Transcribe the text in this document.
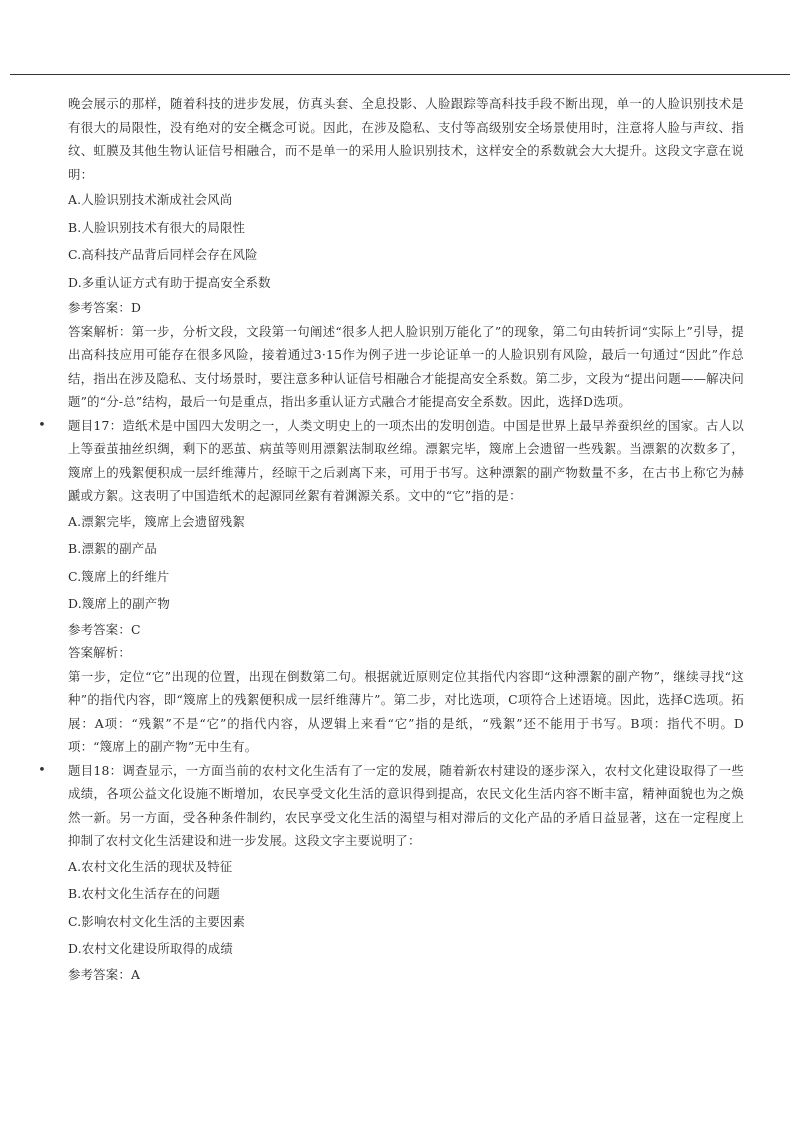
晚会展示的那样，随着科技的进步发展，仿真头套、全息投影、人脸跟踪等高科技手段不断出现，单一的人脸识别技术是有很大的局限性，没有绝对的安全概念可说。因此，在涉及隐私、支付等高级别安全场景使用时，注意将人脸与声纹、指纹、虹膜及其他生物认证信号相融合，而不是单一的采用人脸识别技术，这样安全的系数就会大大提升。这段文字意在说明：

A.人脸识别技术渐成社会风尚

B.人脸识别技术有很大的局限性

C.高科技产品背后同样会存在风险

D.多重认证方式有助于提高安全系数

参考答案：D

答案解析：第一步，分析文段，文段第一句阐述“很多人把人脸识别万能化了”的现象，第二句由转折词“实际上”引导，提出高科技应用可能存在很多风险，接着通过3·15作为例子进一步论证单一的人脸识别有风险，最后一句通过“因此”作总结，指出在涉及隐私、支付场景时，要注意多种认证信号相融合才能提高安全系数。第二步，文段为“提出问题——解决问题”的“分-总”结构，最后一句是重点，指出多重认证方式融合才能提高安全系数。因此，选择D选项。

• 题目17：造纸术是中国四大发明之一，人类文明史上的一项杰出的发明创造。中国是世界上最早养蚕织丝的国家。古人以上等蚕茧抽丝织绸，剩下的恶茧、病茧等则用漂絮法制取丝绵。漂絮完毕，篾席上会遗留一些残絮。当漂絮的次数多了，篾席上的残絮便积成一层纤维薄片，经晾干之后剥离下来，可用于书写。这种漂絮的副产物数量不多，在古书上称它为赫蹏或方絮。这表明了中国造纸术的起源同丝絮有着渊源关系。文中的“它”指的是：

A.漂絮完毕，篾席上会遗留残絮

B.漂絮的副产品

C.篾席上的纤维片

D.篾席上的副产物

参考答案：C

答案解析：

第一步，定位“它”出现的位置，出现在倒数第二句。根据就近原则定位其指代内容即“这种漂絮的副产物”，继续寻找“这种”的指代内容，即“篾席上的残絮便积成一层纤维薄片”。第二步，对比选项，C项符合上述语境。因此，选择C选项。拓展：A项：“残絮”不是“它”的指代内容，从逻辑上来看“它”指的是纸，“残絮”还不能用于书写。B项：指代不明。D项：“篾席上的副产物”无中生有。

• 题目18：调查显示，一方面当前的农村文化生活有了一定的发展，随着新农村建设的逐步深入，农村文化建设取得了一些成绩，各项公益文化设施不断增加，农民享受文化生活的意识得到提高，农民文化生活内容不断丰富，精神面貌也为之焕然一新。另一方面，受各种条件制约，农民享受文化生活的渴望与相对滞后的文化产品的矛盾日益显著，这在一定程度上抑制了农村文化生活建设和进一步发展。这段文字主要说明了：

A.农村文化生活的现状及特征

B.农村文化生活存在的问题

C.影响农村文化生活的主要因素

D.农村文化建设所取得的成绩

参考答案：A
